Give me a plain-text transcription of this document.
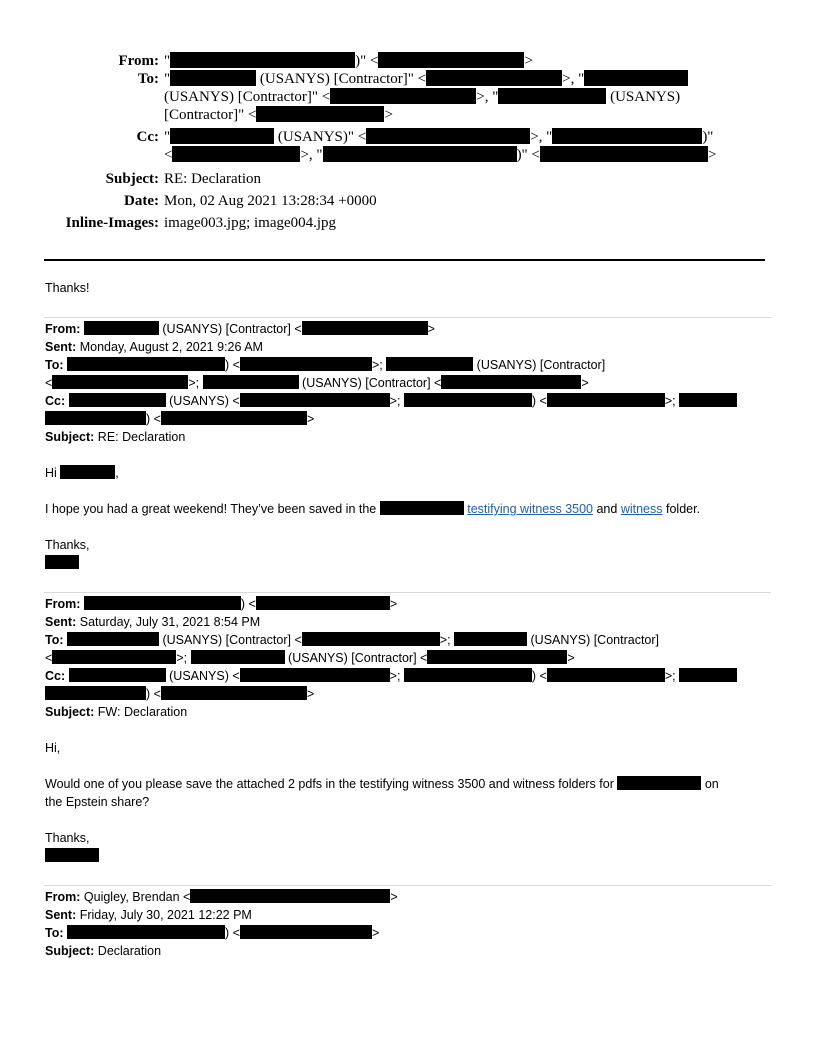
From: "	)" <	>
To: "	(USANYS) [Contractor]" <	>, "
(USANYS) [Contractor]" <	>, "	(USANYS)
[Contractor]" <	>
Cc: "	(USANYS)" <	>, "	)"
<	>, "	)" <	>
Subject: RE: Declaration
Date: Mon, 02 Aug 2021 13:28:34 +0000
Inline-Images: image003.jpg; image004.jpg
Thanks!
From:	(USANYS) [Contractor] <	>
Sent: Monday, August 2, 2021 9:26 AM
To:	) <	>;	(USANYS) [Contractor]
<	>;	(USANYS) [Contractor] <	>
Cc:	(USANYS) <	>;	) <	>;
) <	>
Subject: RE: Declaration
Hi	,
I hope you had a great weekend! They’ve been saved in the	testifying witness 3500 and witness folder.
Thanks,
From:	) <	>
Sent: Saturday, July 31, 2021 8:54 PM
To:	(USANYS) [Contractor] <	>;	(USANYS) [Contractor]
<	>;	(USANYS) [Contractor] <	>
Cc:	(USANYS) <	>;	) <	>;
) <	>
Subject: FW: Declaration
Hi,
Would one of you please save the attached 2 pdfs in the testifying witness 3500 and witness folders for	on
the Epstein share?
Thanks,
From: Quigley, Brendan <	>
Sent: Friday, July 30, 2021 12:22 PM
To:	) <	>
Subject: Declaration
